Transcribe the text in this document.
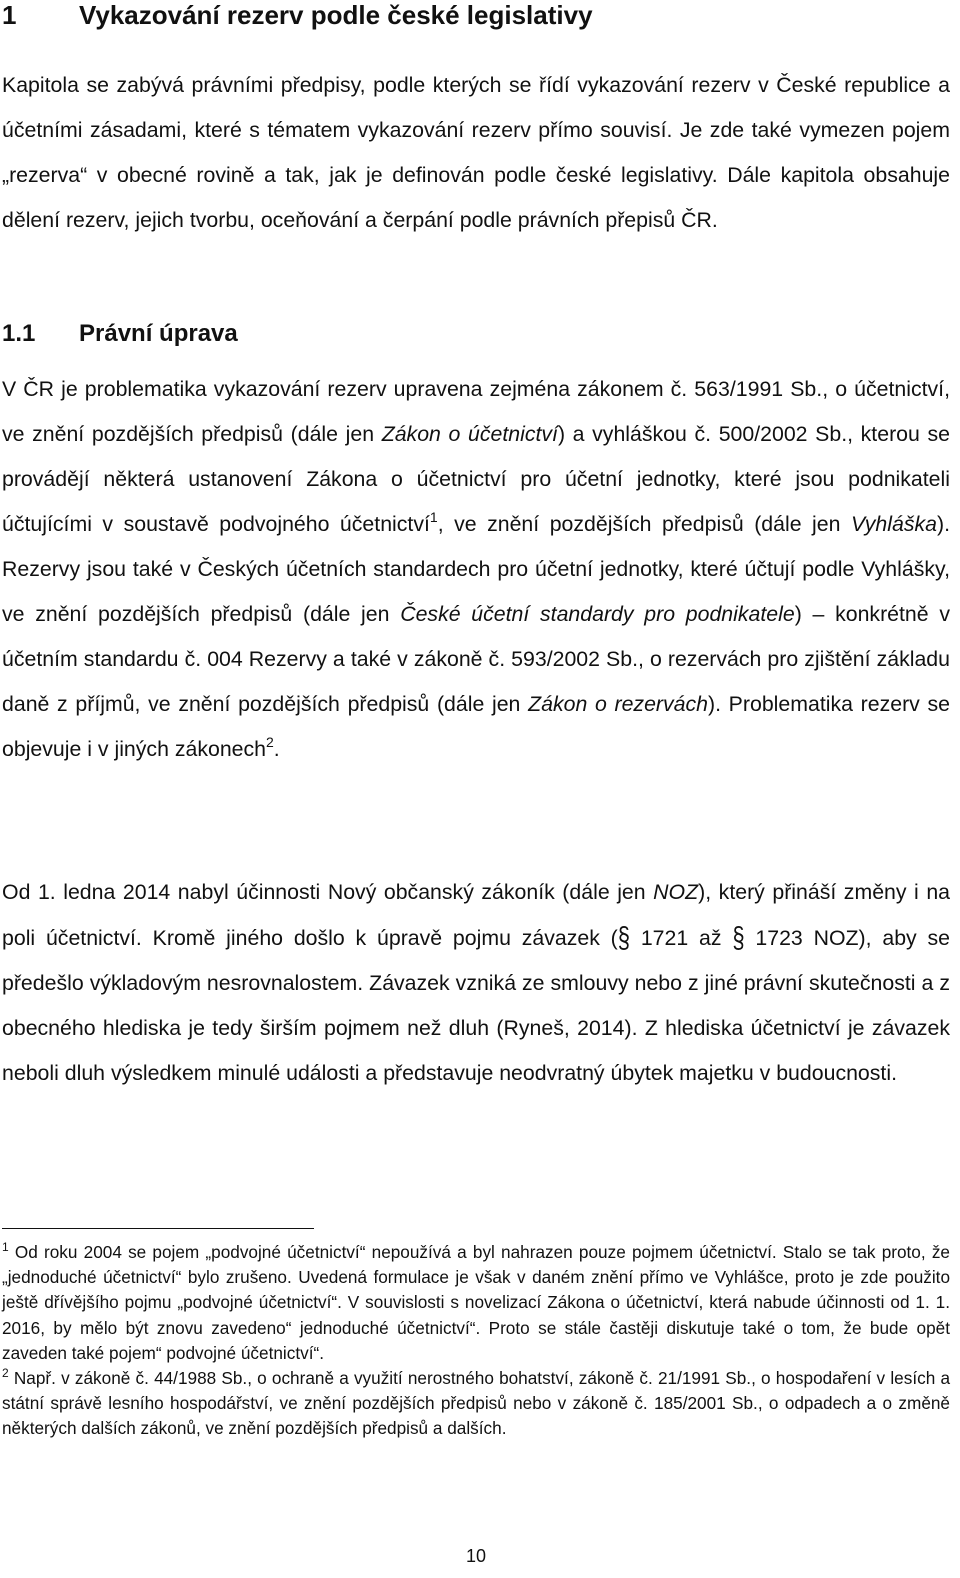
1 Vykazování rezerv podle české legislativy

Kapitola se zabývá právními předpisy, podle kterých se řídí vykazování rezerv v České republice a účetními zásadami, které s tématem vykazování rezerv přímo souvisí. Je zde také vymezen pojem „rezerva“ v obecné rovině a tak, jak je definován podle české legislativy. Dále kapitola obsahuje dělení rezerv, jejich tvorbu, oceňování a čerpání podle právních přepisů ČR.

1.1 Právní úprava

V ČR je problematika vykazování rezerv upravena zejména zákonem č. 563/1991 Sb., o účetnictví, ve znění pozdějších předpisů (dále jen Zákon o účetnictví) a vyhláškou č. 500/2002 Sb., kterou se provádějí některá ustanovení Zákona o účetnictví pro účetní jednotky, které jsou podnikateli účtujícími v soustavě podvojného účetnictví$^1$, ve znění pozdějších předpisů (dále jen Vyhláška). Rezervy jsou také v Českých účetních standardech pro účetní jednotky, které účtují podle Vyhlášky, ve znění pozdějších předpisů (dále jen České účetní standardy pro podnikatele) – konkrétně v účetním standardu č. 004 Rezervy a také v zákoně č. 593/2002 Sb., o rezervách pro zjištění základu daně z příjmů, ve znění pozdějších předpisů (dále jen Zákon o rezervách). Problematika rezerv se objevuje i v jiných zákonech$^2$.

Od 1. ledna 2014 nabyl účinnosti Nový občanský zákoník (dále jen NOZ), který přináší změny i na poli účetnictví. Kromě jiného došlo k úpravě pojmu závazek (§ 1721 až § 1723 NOZ), aby se předešlo výkladovým nesrovnalostem. Závazek vzniká ze smlouvy nebo z jiné právní skutečnosti a z obecného hlediska je tedy širším pojmem než dluh (Ryneš, 2014). Z hlediska účetnictví je závazek neboli dluh výsledkem minulé události a představuje neodvratný úbytek majetku v budoucnosti.

$^1$ Od roku 2004 se pojem „podvojné účetnictví“ nepoužívá a byl nahrazen pouze pojmem účetnictví. Stalo se tak proto, že „jednoduché účetnictví“ bylo zrušeno. Uvedená formulace je však v daném znění přímo ve Vyhlášce, proto je zde použito ještě dřívějšího pojmu „podvojné účetnictví“. V souvislosti s novelizací Zákona o účetnictví, která nabude účinnosti od 1. 1. 2016, by mělo být znovu zavedeno“ jednoduché účetnictví“. Proto se stále častěji diskutuje také o tom, že bude opět zaveden také pojem“ podvojné účetnictví“.

$^2$ Např. v zákoně č. 44/1988 Sb., o ochraně a využití nerostného bohatství, zákoně č. 21/1991 Sb., o hospodaření v lesích a státní správě lesního hospodářství, ve znění pozdějších předpisů nebo v zákoně č. 185/2001 Sb., o odpadech a o změně některých dalších zákonů, ve znění pozdějších předpisů a dalších.

10
